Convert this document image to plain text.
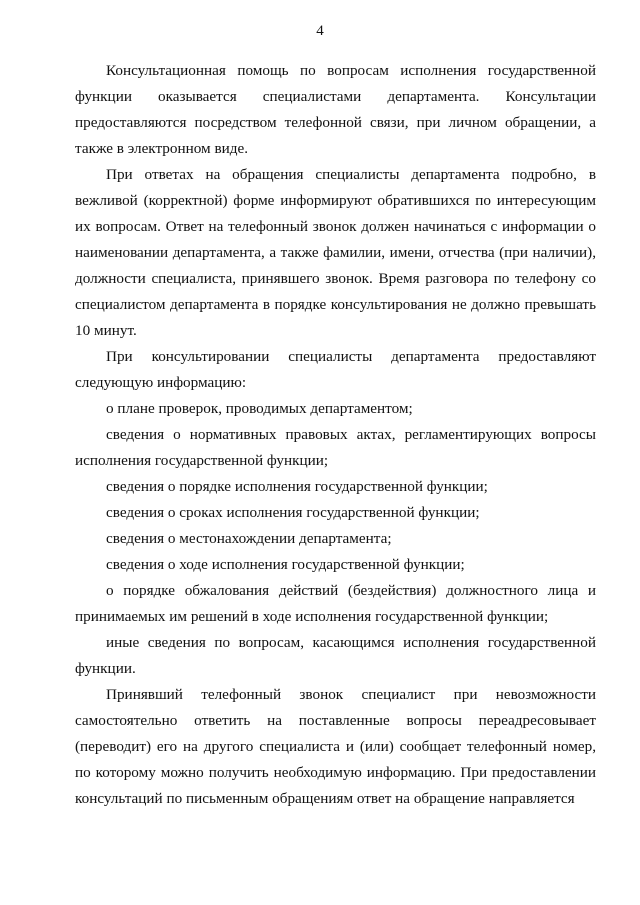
4

Консультационная помощь по вопросам исполнения государственной функции оказывается специалистами департамента. Консультации предоставляются посредством телефонной связи, при личном обращении, а также в электронном виде.

При ответах на обращения специалисты департамента подробно, в вежливой (корректной) форме информируют обратившихся по интересующим их вопросам. Ответ на телефонный звонок должен начинаться с информации о наименовании департамента, а также фамилии, имени, отчества (при наличии), должности специалиста, принявшего звонок. Время разговора по телефону со специалистом департамента в порядке консультирования не должно превышать 10 минут.

При консультировании специалисты департамента предоставляют следующую информацию:

о плане проверок, проводимых департаментом;

сведения о нормативных правовых актах, регламентирующих вопросы исполнения государственной функции;

сведения о порядке исполнения государственной функции;

сведения о сроках исполнения государственной функции;

сведения о местонахождении департамента;

сведения о ходе исполнения государственной функции;

о порядке обжалования действий (бездействия) должностного лица и принимаемых им решений в ходе исполнения государственной функции;

иные сведения по вопросам, касающимся исполнения государственной функции.

Принявший телефонный звонок специалист при невозможности самостоятельно ответить на поставленные вопросы переадресовывает (переводит) его на другого специалиста и (или) сообщает телефонный номер, по которому можно получить необходимую информацию. При предоставлении консультаций по письменным обращениям ответ на обращение направляется
